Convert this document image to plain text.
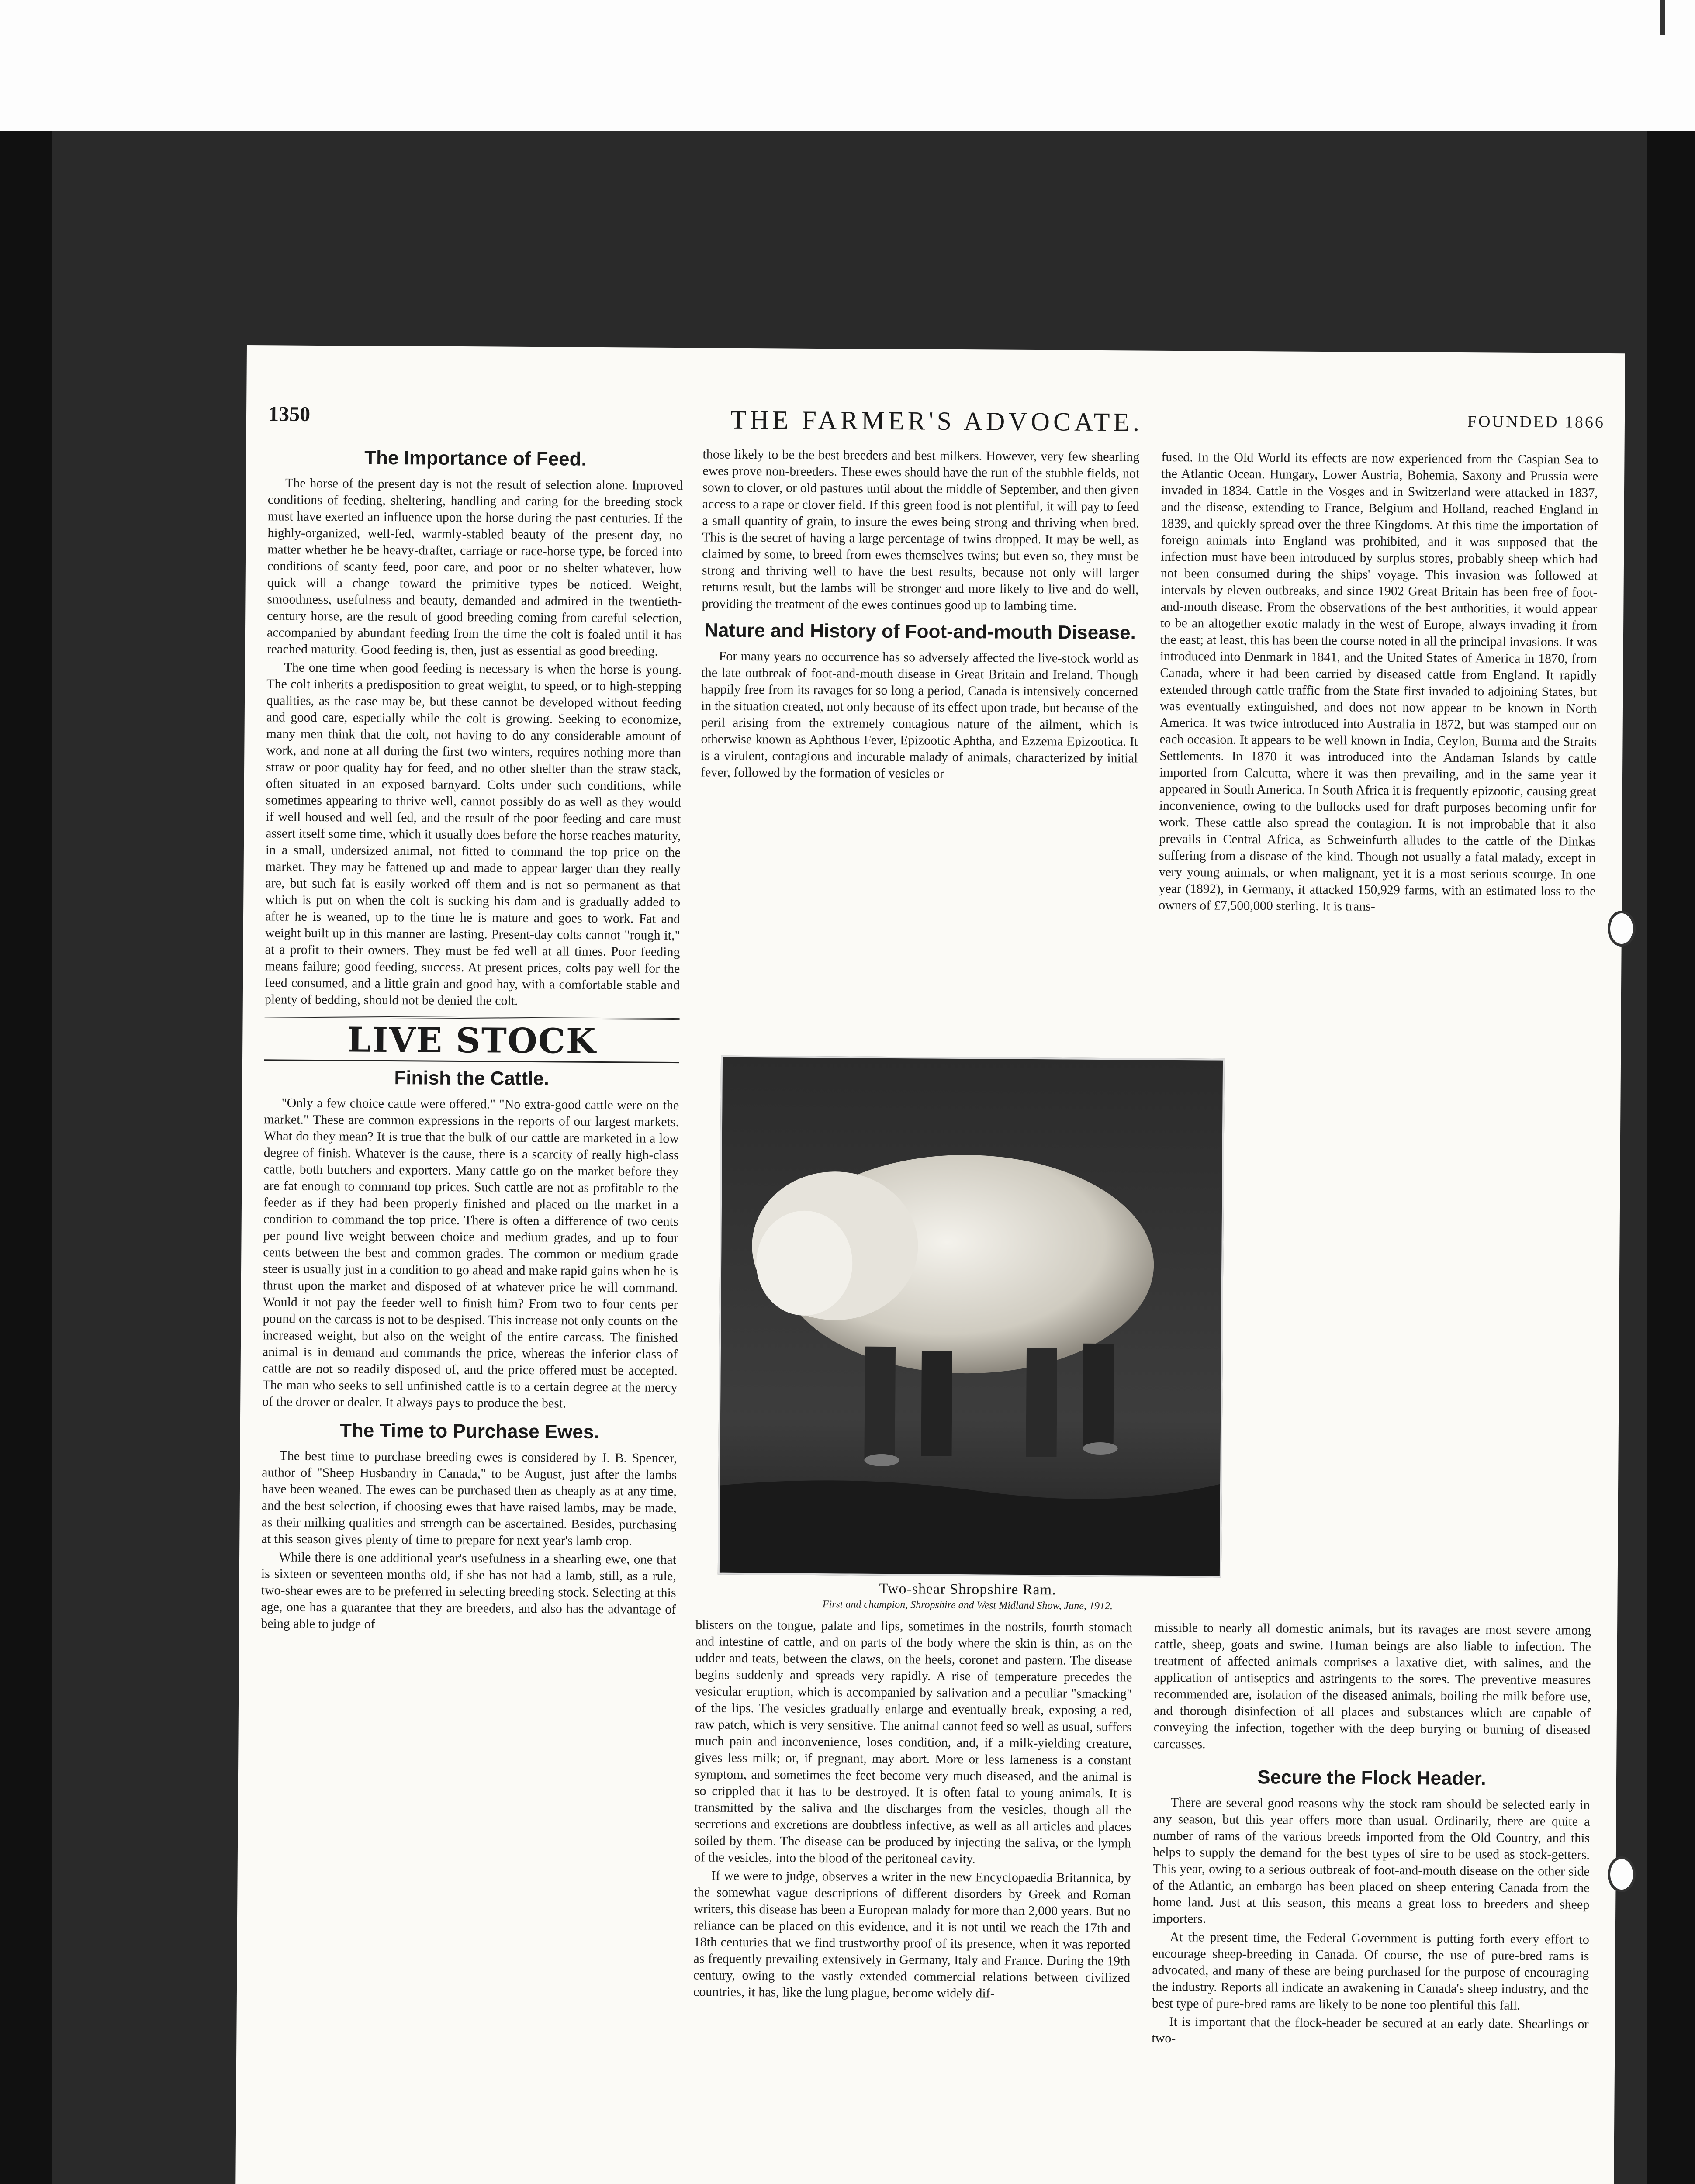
1350	THE FARMER'S ADVOCATE.	FOUNDED 1866
The Importance of Feed.

The horse of the present day is not the result of selection alone. Improved conditions of feeding, sheltering, handling and caring for the breeding stock must have exerted an influence upon the horse during the past centuries. If the highly-organized, well-fed, warmly-stabled beauty of the present day, no matter whether he be heavy-drafter, carriage or race-horse type, be forced into conditions of scanty feed, poor care, and poor or no shelter whatever, how quick will a change toward the primitive types be noticed. Weight, smoothness, usefulness and beauty, demanded and admired in the twentieth-century horse, are the result of good breeding coming from careful selection, accompanied by abundant feeding from the time the colt is foaled until it has reached maturity. Good feeding is, then, just as essential as good breeding.

The one time when good feeding is necessary is when the horse is young. The colt inherits a predisposition to great weight, to speed, or to high-stepping qualities, as the case may be, but these cannot be developed without feeding and good care, especially while the colt is growing. Seeking to economize, many men think that the colt, not having to do any considerable amount of work, and none at all during the first two winters, requires nothing more than straw or poor quality hay for feed, and no other shelter than the straw stack, often situated in an exposed barnyard. Colts under such conditions, while sometimes appearing to thrive well, cannot possibly do as well as they would if well housed and well fed, and the result of the poor feeding and care must assert itself some time, which it usually does before the horse reaches maturity, in a small, undersized animal, not fitted to command the top price on the market. They may be fattened up and made to appear larger than they really are, but such fat is easily worked off them and is not so permanent as that which is put on when the colt is sucking his dam and is gradually added to after he is weaned, up to the time he is mature and goes to work. Fat and weight built up in this manner are lasting. Present-day colts cannot "rough it," at a profit to their owners. They must be fed well at all times. Poor feeding means failure; good feeding, success. At present prices, colts pay well for the feed consumed, and a little grain and good hay, with a comfortable stable and plenty of bedding, should not be denied the colt.

LIVE STOCK
Finish the Cattle.

"Only a few choice cattle were offered." "No extra-good cattle were on the market." These are common expressions in the reports of our largest markets. What do they mean? It is true that the bulk of our cattle are marketed in a low degree of finish. Whatever is the cause, there is a scarcity of really high-class cattle, both butchers and exporters. Many cattle go on the market before they are fat enough to command top prices. Such cattle are not as profitable to the feeder as if they had been properly finished and placed on the market in a condition to command the top price. There is often a difference of two cents per pound live weight between choice and medium grades, and up to four cents between the best and common grades. The common or medium grade steer is usually just in a condition to go ahead and make rapid gains when he is thrust upon the market and disposed of at whatever price he will command. Would it not pay the feeder well to finish him? From two to four cents per pound on the carcass is not to be despised. This increase not only counts on the increased weight, but also on the weight of the entire carcass. The finished animal is in demand and commands the price, whereas the inferior class of cattle are not so readily disposed of, and the price offered must be accepted. The man who seeks to sell unfinished cattle is to a certain degree at the mercy of the drover or dealer. It always pays to produce the best.

The Time to Purchase Ewes.

The best time to purchase breeding ewes is considered by J. B. Spencer, author of "Sheep Husbandry in Canada," to be August, just after the lambs have been weaned. The ewes can be purchased then as cheaply as at any time, and the best selection, if choosing ewes that have raised lambs, may be made, as their milking qualities and strength can be ascertained. Besides, purchasing at this season gives plenty of time to prepare for next year's lamb crop.

While there is one additional year's usefulness in a shearling ewe, one that is sixteen or seventeen months old, if she has not had a lamb, still, as a rule, two-shear ewes are to be preferred in selecting breeding stock. Selecting at this age, one has a guarantee that they are breeders, and also has the advantage of being able to judge of

those likely to be the best breeders and best milkers. However, very few shearling ewes prove non-breeders. These ewes should have the run of the stubble fields, not sown to clover, or old pastures until about the middle of September, and then given access to a rape or clover field. If this green food is not plentiful, it will pay to feed a small quantity of grain, to insure the ewes being strong and thriving when bred. This is the secret of having a large percentage of twins dropped. It may be well, as claimed by some, to breed from ewes themselves twins; but even so, they must be strong and thriving well to have the best results, because not only will larger returns result, but the lambs will be stronger and more likely to live and do well, providing the treatment of the ewes continues good up to lambing time.

Nature and History of Foot-and-mouth Disease.

For many years no occurrence has so adversely affected the live-stock world as the late outbreak of foot-and-mouth disease in Great Britain and Ireland. Though happily free from its ravages for so long a period, Canada is intensively concerned in the situation created, not only because of its effect upon trade, but because of the peril arising from the extremely contagious nature of the ailment, which is otherwise known as Aphthous Fever, Epizootic Aphtha, and Ezzema Epizootica. It is a virulent, contagious and incurable malady of animals, characterized by initial fever, followed by the formation of vesicles or

fused. In the Old World its effects are now experienced from the Caspian Sea to the Atlantic Ocean. Hungary, Lower Austria, Bohemia, Saxony and Prussia were invaded in 1834. Cattle in the Vosges and in Switzerland were attacked in 1837, and the disease, extending to France, Belgium and Holland, reached England in 1839, and quickly spread over the three Kingdoms. At this time the importation of foreign animals into England was prohibited, and it was supposed that the infection must have been introduced by surplus stores, probably sheep which had not been consumed during the ships' voyage. This invasion was followed at intervals by eleven outbreaks, and since 1902 Great Britain has been free of foot-and-mouth disease. From the observations of the best authorities, it would appear to be an altogether exotic malady in the west of Europe, always invading it from the east; at least, this has been the course noted in all the principal invasions. It was introduced into Denmark in 1841, and the United States of America in 1870, from Canada, where it had been carried by diseased cattle from England. It rapidly extended through cattle traffic from the State first invaded to adjoining States, but was eventually extinguished, and does not now appear to be known in North America. It was twice introduced into Australia in 1872, but was stamped out on each occasion. It appears to be well known in India, Ceylon, Burma and the Straits Settlements. In 1870 it was introduced into the Andaman Islands by cattle imported from Calcutta, where it was then prevailing, and in the same year it appeared in South America. In South Africa it is frequently epizootic, causing great inconvenience, owing to the bullocks used for draft purposes becoming unfit for work. These cattle also spread the contagion. It is not improbable that it also prevails in Central Africa, as Schweinfurth alludes to the cattle of the Dinkas suffering from a disease of the kind. Though not usually a fatal malady, except in very young animals, or when malignant, yet it is a most serious scourge. In one year (1892), in Germany, it attacked 150,929 farms, with an estimated loss to the owners of £7,500,000 sterling. It is trans-

Two-shear Shropshire Ram.
First and champion, Shropshire and West Midland Show, June, 1912.

blisters on the tongue, palate and lips, sometimes in the nostrils, fourth stomach and intestine of cattle, and on parts of the body where the skin is thin, as on the udder and teats, between the claws, on the heels, coronet and pastern. The disease begins suddenly and spreads very rapidly. A rise of temperature precedes the vesicular eruption, which is accompanied by salivation and a peculiar "smacking" of the lips. The vesicles gradually enlarge and eventually break, exposing a red, raw patch, which is very sensitive. The animal cannot feed so well as usual, suffers much pain and inconvenience, loses condition, and, if a milk-yielding creature, gives less milk; or, if pregnant, may abort. More or less lameness is a constant symptom, and sometimes the feet become very much diseased, and the animal is so crippled that it has to be destroyed. It is often fatal to young animals. It is transmitted by the saliva and the discharges from the vesicles, though all the secretions and excretions are doubtless infective, as well as all articles and places soiled by them. The disease can be produced by injecting the saliva, or the lymph of the vesicles, into the blood of the peritoneal cavity.

If we were to judge, observes a writer in the new Encyclopaedia Britannica, by the somewhat vague descriptions of different disorders by Greek and Roman writers, this disease has been a European malady for more than 2,000 years. But no reliance can be placed on this evidence, and it is not until we reach the 17th and 18th centuries that we find trustworthy proof of its presence, when it was reported as frequently prevailing extensively in Germany, Italy and France. During the 19th century, owing to the vastly extended commercial relations between civilized countries, it has, like the lung plague, become widely dif-

missible to nearly all domestic animals, but its ravages are most severe among cattle, sheep, goats and swine. Human beings are also liable to infection. The treatment of affected animals comprises a laxative diet, with salines, and the application of antiseptics and astringents to the sores. The preventive measures recommended are, isolation of the diseased animals, boiling the milk before use, and thorough disinfection of all places and substances which are capable of conveying the infection, together with the deep burying or burning of diseased carcasses.

Secure the Flock Header.

There are several good reasons why the stock ram should be selected early in any season, but this year offers more than usual. Ordinarily, there are quite a number of rams of the various breeds imported from the Old Country, and this helps to supply the demand for the best types of sire to be used as stock-getters. This year, owing to a serious outbreak of foot-and-mouth disease on the other side of the Atlantic, an embargo has been placed on sheep entering Canada from the home land. Just at this season, this means a great loss to breeders and sheep importers.

At the present time, the Federal Government is putting forth every effort to encourage sheep-breeding in Canada. Of course, the use of pure-bred rams is advocated, and many of these are being purchased for the purpose of encouraging the industry. Reports all indicate an awakening in Canada's sheep industry, and the best type of pure-bred rams are likely to be none too plentiful this fall.

It is important that the flock-header be secured at an early date. Shearlings or two-
